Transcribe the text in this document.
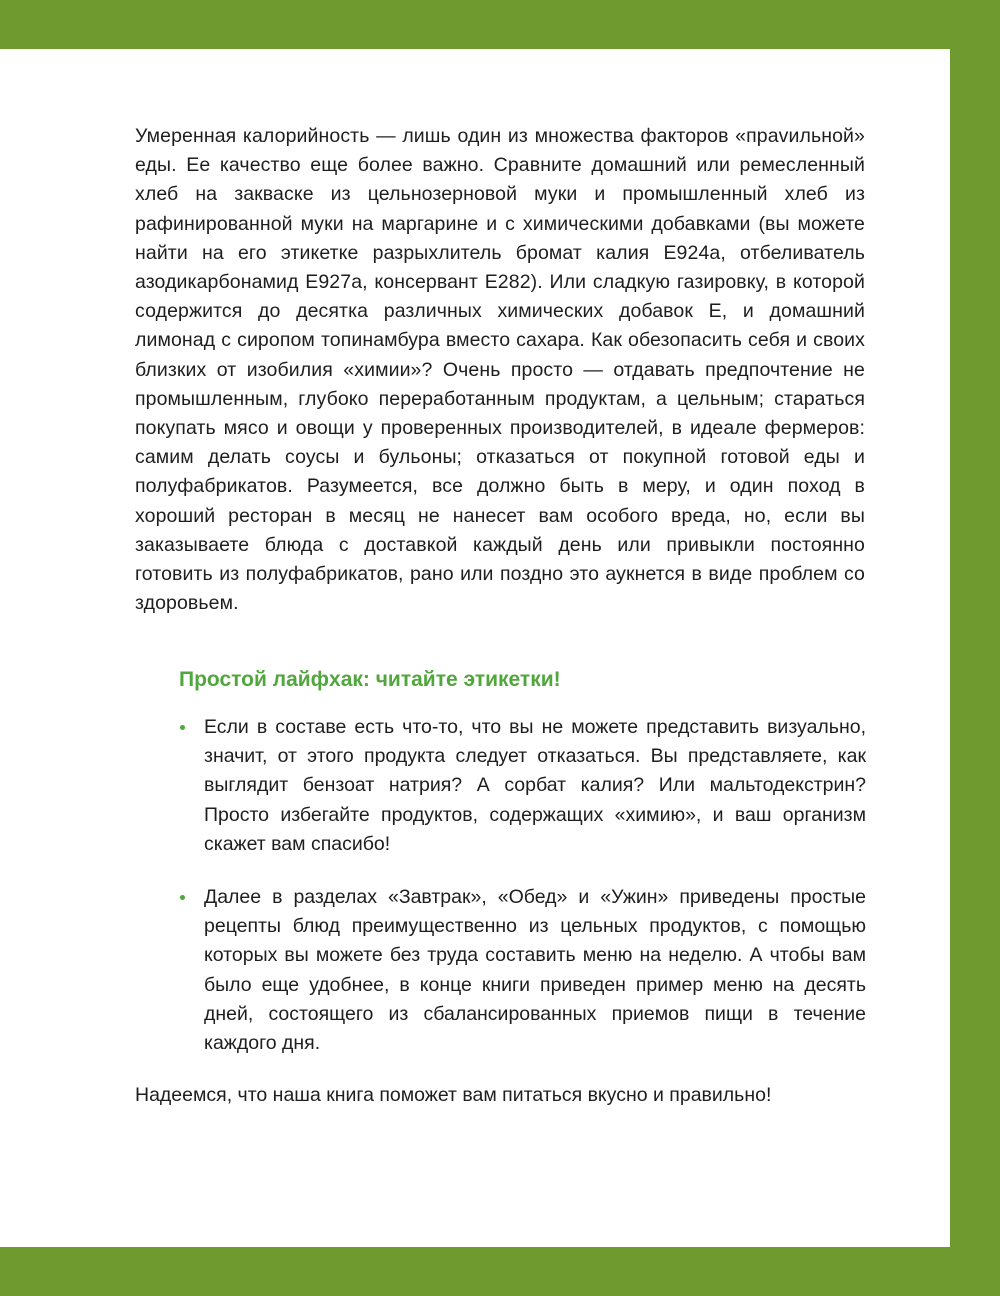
Умеренная калорийность — лишь один из множества факторов «праvильной» еды. Ее качество еще более важно. Сравните домашний или ремесленный хлеб на закваске из цельнозерновой муки и промышленный хлеб из рафинированной муки на маргарине и с химическими добавками (вы можете найти на его этикетке разрыхлитель бромат калия Е924а, отбеливатель азодикарбонамид Е927а, консервант Е282). Или сладкую газировку, в которой содержится до десятка различных химических добавок Е, и домашний лимонад с сиропом топинамбура вместо сахара. Как обезопасить себя и своих близких от изобилия «химии»? Очень просто — отдавать предпочтение не промышленным, глубоко переработанным продуктам, а цельным; стараться покупать мясо и овощи у проверенных производителей, в идеале фермеров: самим делать соусы и бульоны; отказаться от покупной готовой еды и полуфабрикатов. Разумеется, все должно быть в меру, и один поход в хороший ресторан в месяц не нанесет вам особого вреда, но, если вы заказываете блюда с доставкой каждый день или привыкли постоянно готовить из полуфабрикатов, рано или поздно это аукнется в виде проблем со здоровьем.

Простой лайфхак: читайте этикетки!

Если в составе есть что-то, что вы не можете представить визуально, значит, от этого продукта следует отказаться. Вы представляете, как выглядит бензоат натрия? А сорбат калия? Или мальтодекстрин? Просто избегайте продуктов, содержащих «химию», и ваш организм скажет вам спасибо!

Далее в разделах «Завтрак», «Обед» и «Ужин» приведены простые рецепты блюд преимущественно из цельных продуктов, с помощью которых вы можете без труда составить меню на неделю. А чтобы вам было еще удобнее, в конце книги приведен пример меню на десять дней, состоящего из сбалансированных приемов пищи в течение каждого дня.

Надеемся, что наша книга поможет вам питаться вкусно и правильно!
